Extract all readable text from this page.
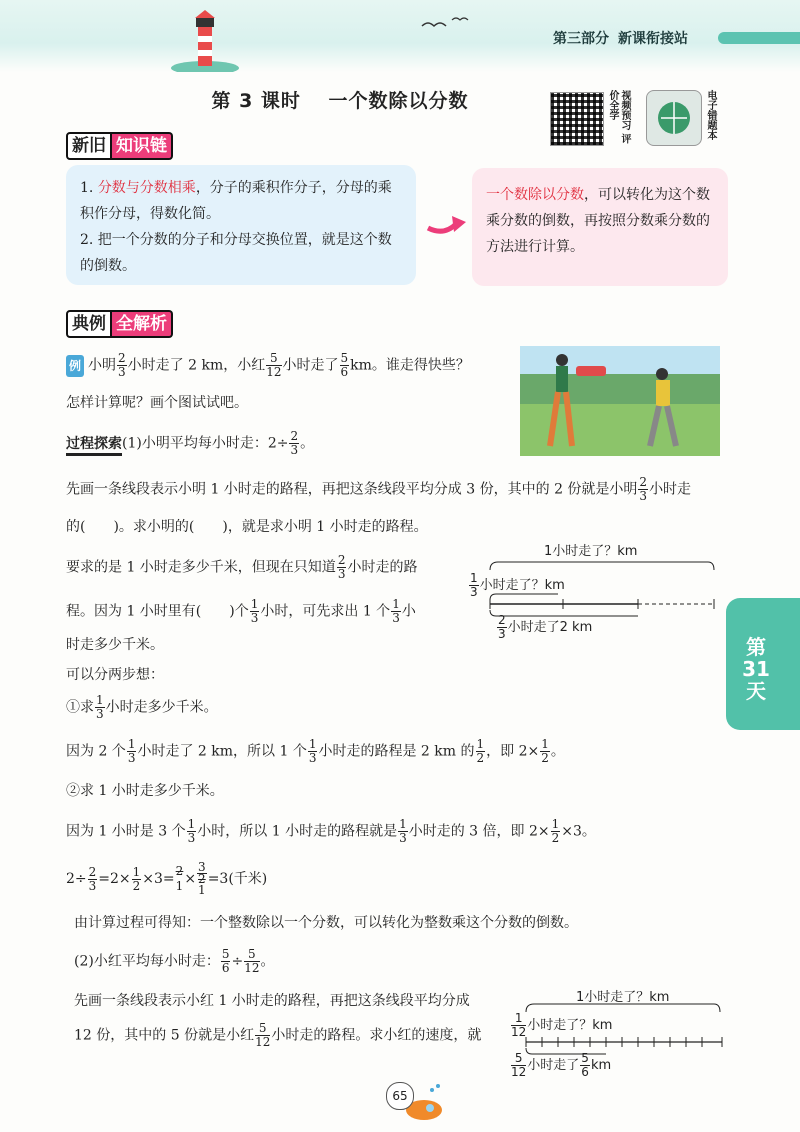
第三部分 新课衔接站
第 3 课时 一个数除以分数	视频预习 评价全学	电子错题本
新旧 知识链
1. 分数与分数相乘，分子的乘积作分子，分母的乘积作分母，得数化简。
2. 把一个分数的分子和分母交换位置，就是这个数的倒数。
一个数除以分数，可以转化为这个数乘分数的倒数，再按照分数乘分数的方法进行计算。
典例 全解析
例 小明 $\frac{2}{3}$ 小时走了 2 km，小红 $\frac{5}{12}$ 小时走了 $\frac{5}{6}$ km。谁走得快些？
怎样计算呢？画个图试试吧。
过程探索(1)小明平均每小时走：$2\div \frac{2}{3}$ 。
先画一条线段表示小明 1 小时走的路程，再把这条线段平均分成 3 份，其中的 2 份就是小明 $\frac{2}{3}$ 小时走
的(　　)。求小明的(　　)，就是求小明 1 小时走的路程。
要求的是 1 小时走多少千米，但现在只知道 $\frac{2}{3}$ 小时走的路
程。因为 1 小时里有(　　)个 $\frac{1}{3}$ 小时，可先求出 1 个 $\frac{1}{3}$ 小
时走多少千米。
可以分两步想：
1小时走了？km
$\frac{1}{3}$ 小时走了？km
$\frac{2}{3}$ 小时走了2 km
第31天
①求 $\frac{1}{3}$ 小时走多少千米。
因为 2 个 $\frac{1}{3}$ 小时走了 2 km，所以 1 个 $\frac{1}{3}$ 小时走的路程是 2 km 的 $\frac{1}{2}$ ，即 $2\times \frac{1}{2}$ 。
②求 1 小时走多少千米。
因为 1 小时是 3 个 $\frac{1}{3}$ 小时，所以 1 小时走的路程就是 $\frac{1}{3}$ 小时走的 3 倍，即 $2\times \frac{1}{2} \times 3$。
$2\div \frac{2}{3} =2\times \frac{1}{2} \times 3= 2$
1 ×
3
2
1
=3(千米)
由计算过程可得知：一个整数除以一个分数，可以转化为整数乘这个分数的倒数。
(2)小红平均每小时走： $\frac{5}{6} \div \frac{5}{12}$ 。
先画一条线段表示小红 1 小时走的路程，再把这条线段平均分成
12 份，其中的 5 份就是小红 $\frac{5}{12}$ 小时走的路程。求小红的速度，就
1小时走了？km
$\frac{1}{12}$ 小时走了？km
$\frac{5}{12}$ 小时走了 $\frac{5}{6}$ km
65
